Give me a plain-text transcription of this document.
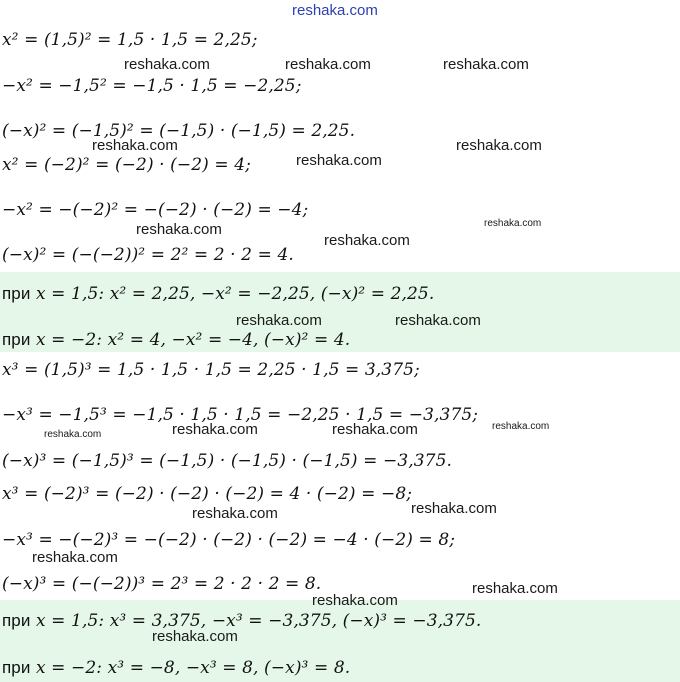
reshaka.com
x² = (1,5)² = 1,5 · 1,5 = 2,25;
−x² = −1,5² = −1,5 · 1,5 = −2,25;
(−x)² = (−1,5)² = (−1,5) · (−1,5) = 2,25.
x² = (−2)² = (−2) · (−2) = 4;
−x² = −(−2)² = −(−2) · (−2) = −4;
(−x)² = (−(−2))² = 2² = 2 · 2 = 4.
при x = 1,5: x² = 2,25, −x² = −2,25, (−x)² = 2,25.
при x = −2: x² = 4, −x² = −4, (−x)² = 4.
x³ = (1,5)³ = 1,5 · 1,5 · 1,5 = 2,25 · 1,5 = 3,375;
−x³ = −1,5³ = −1,5 · 1,5 · 1,5 = −2,25 · 1,5 = −3,375;
(−x)³ = (−1,5)³ = (−1,5) · (−1,5) · (−1,5) = −3,375.
x³ = (−2)³ = (−2) · (−2) · (−2) = 4 · (−2) = −8;
−x³ = −(−2)³ = −(−2) · (−2) · (−2) = −4 · (−2) = 8;
(−x)³ = (−(−2))³ = 2³ = 2 · 2 · 2 = 8.
при x = 1,5: x³ = 3,375, −x³ = −3,375, (−x)³ = −3,375.
при x = −2: x³ = −8, −x³ = 8, (−x)³ = 8.
reshaka.com	reshaka.com	reshaka.com
reshaka.com	reshaka.com
reshaka.com
reshaka.com
reshaka.com
reshaka.com
reshaka.com	reshaka.com
reshaka.com	reshaka.com	reshaka.com	reshaka.com
reshaka.com
reshaka.com
reshaka.com
reshaka.com
reshaka.com
reshaka.com
